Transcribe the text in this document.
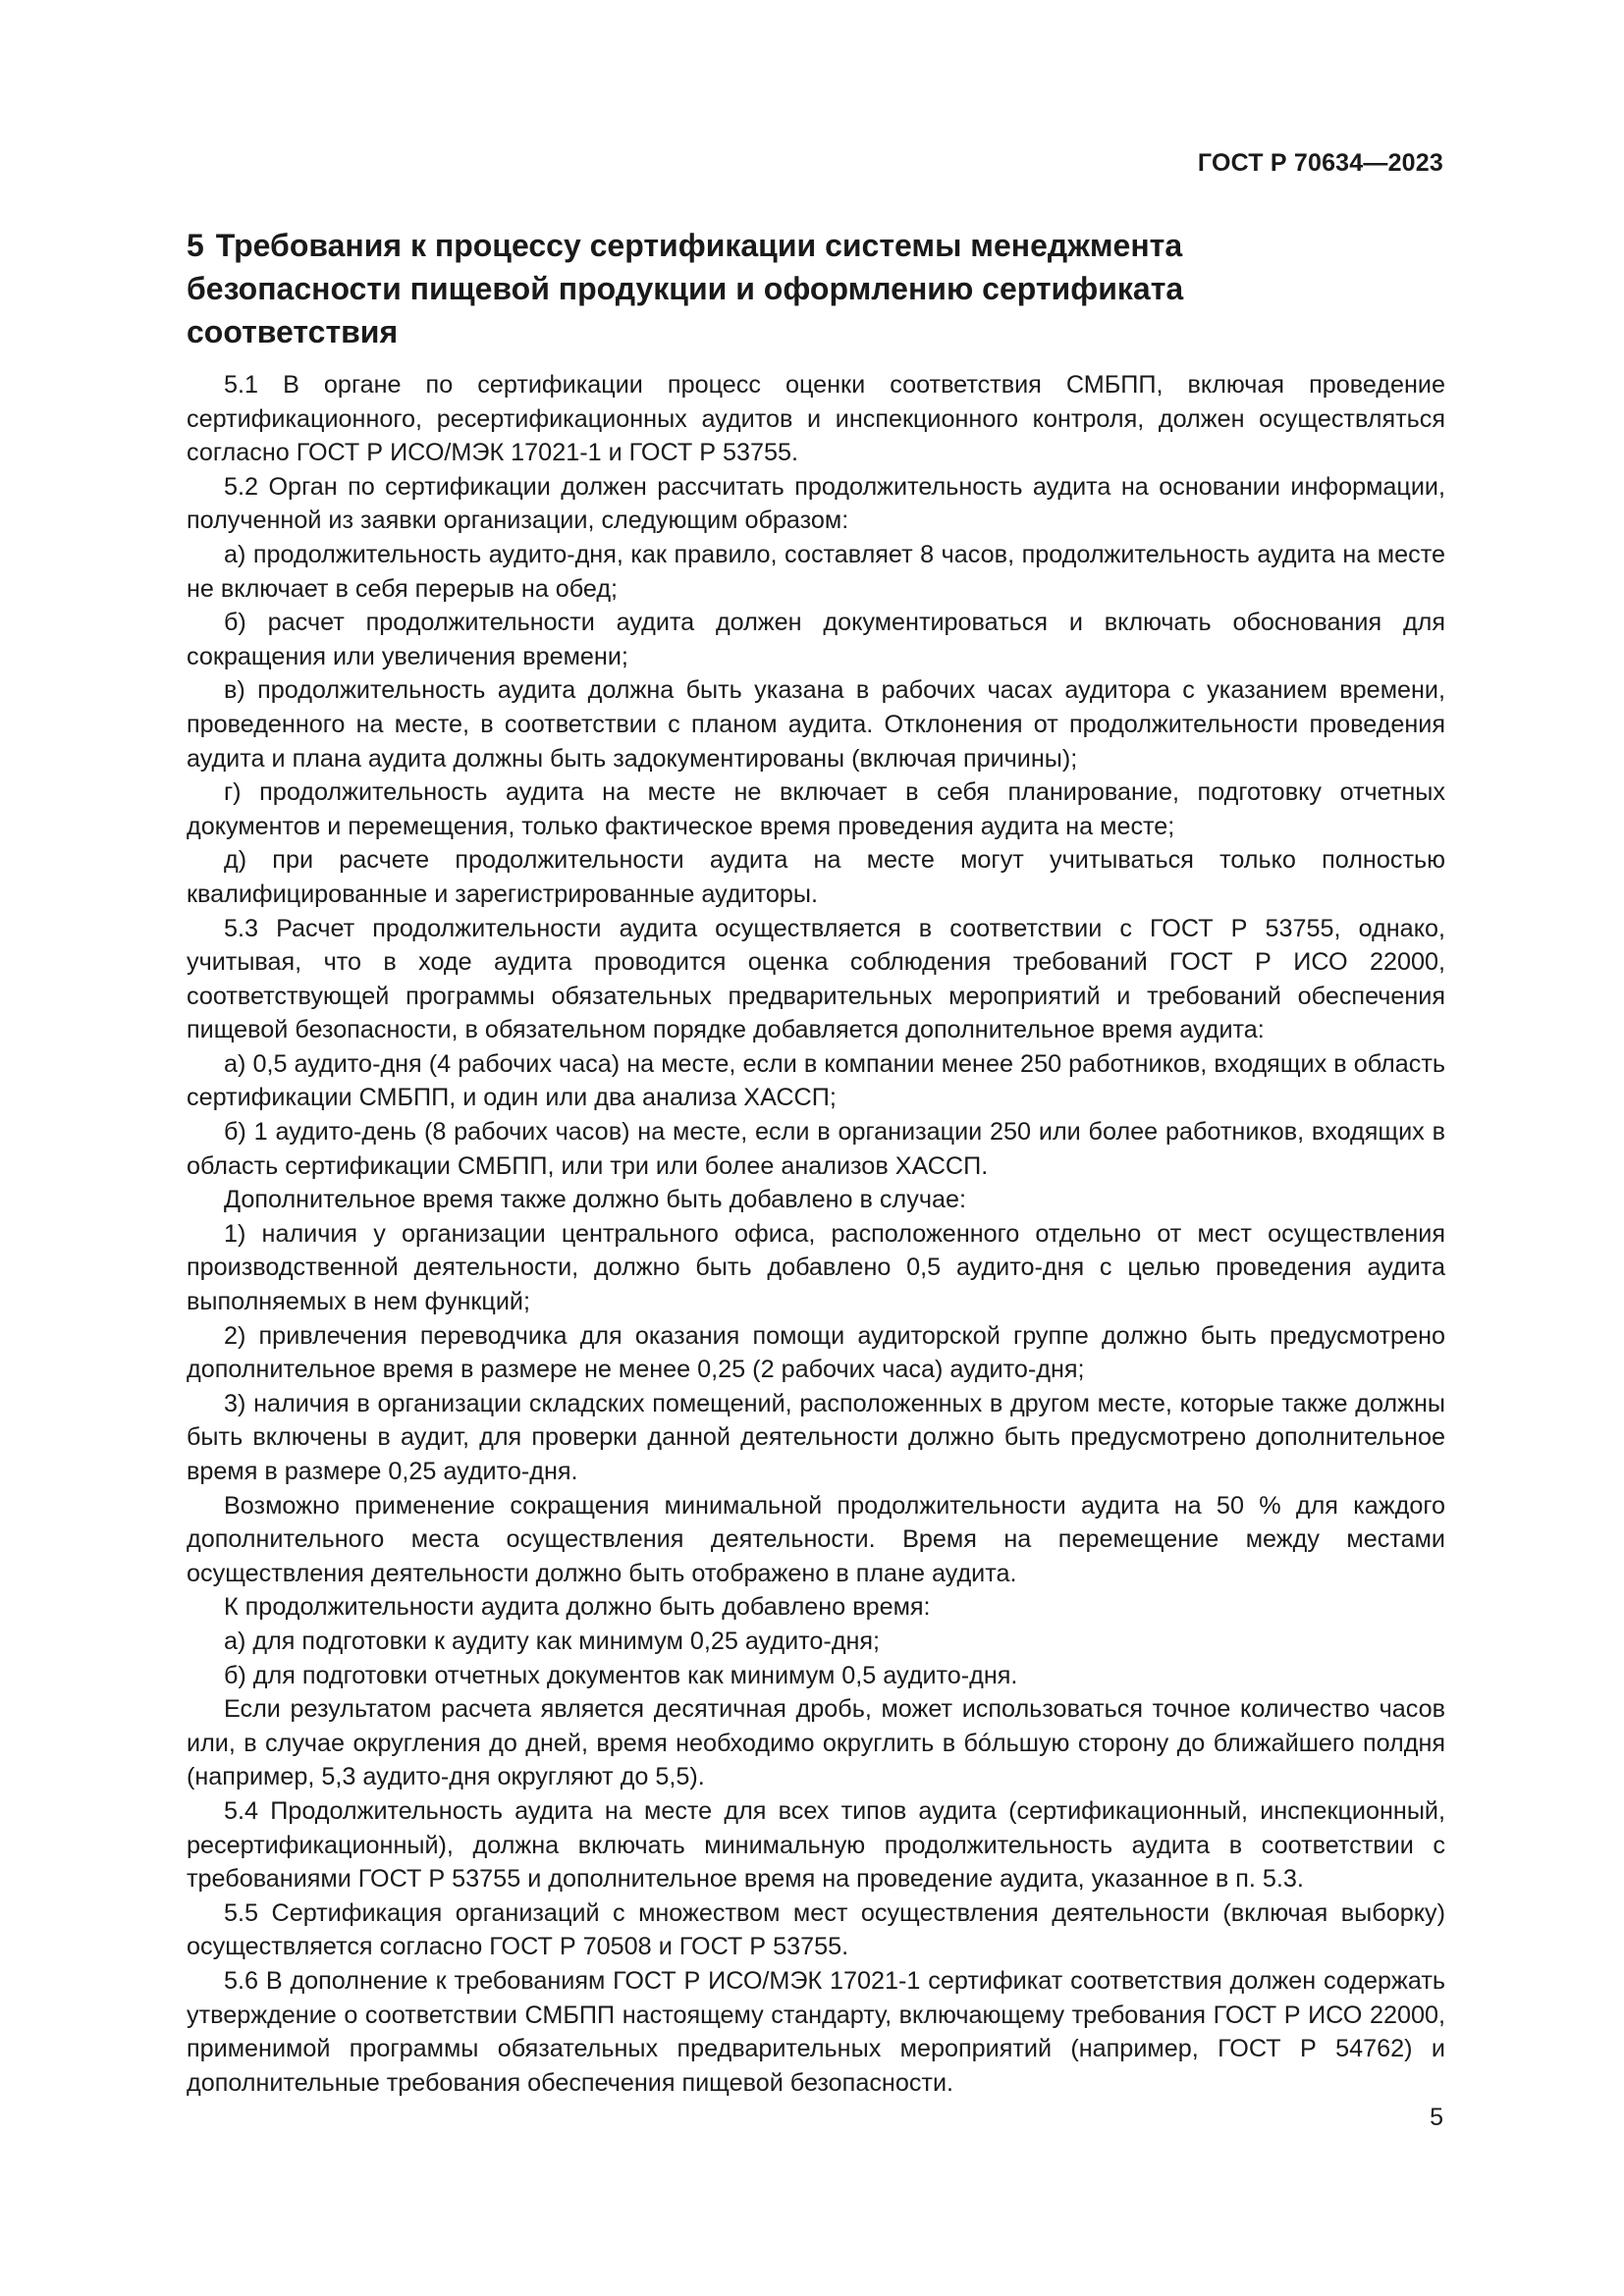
ГОСТ Р 70634—2023
5 Требования к процессу сертификации системы менеджмента безопасности пищевой продукции и оформлению сертификата соответствия

5.1 В органе по сертификации процесс оценки соответствия СМБПП, включая проведение сертификационного, ресертификационных аудитов и инспекционного контроля, должен осуществляться согласно ГОСТ Р ИСО/МЭК 17021-1 и ГОСТ Р 53755.

5.2 Орган по сертификации должен рассчитать продолжительность аудита на основании информации, полученной из заявки организации, следующим образом:

а) продолжительность аудито-дня, как правило, составляет 8 часов, продолжительность аудита на месте не включает в себя перерыв на обед;

б) расчет продолжительности аудита должен документироваться и включать обоснования для сокращения или увеличения времени;

в) продолжительность аудита должна быть указана в рабочих часах аудитора с указанием времени, проведенного на месте, в соответствии с планом аудита. Отклонения от продолжительности проведения аудита и плана аудита должны быть задокументированы (включая причины);

г) продолжительность аудита на месте не включает в себя планирование, подготовку отчетных документов и перемещения, только фактическое время проведения аудита на месте;

д) при расчете продолжительности аудита на месте могут учитываться только полностью квалифицированные и зарегистрированные аудиторы.

5.3 Расчет продолжительности аудита осуществляется в соответствии с ГОСТ Р 53755, однако, учитывая, что в ходе аудита проводится оценка соблюдения требований ГОСТ Р ИСО 22000, соответствующей программы обязательных предварительных мероприятий и требований обеспечения пищевой безопасности, в обязательном порядке добавляется дополнительное время аудита:

а) 0,5 аудито-дня (4 рабочих часа) на месте, если в компании менее 250 работников, входящих в область сертификации СМБПП, и один или два анализа ХАССП;

б) 1 аудито-день (8 рабочих часов) на месте, если в организации 250 или более работников, входящих в область сертификации СМБПП, или три или более анализов ХАССП.

Дополнительное время также должно быть добавлено в случае:

1) наличия у организации центрального офиса, расположенного отдельно от мест осуществления производственной деятельности, должно быть добавлено 0,5 аудито-дня с целью проведения аудита выполняемых в нем функций;

2) привлечения переводчика для оказания помощи аудиторской группе должно быть предусмотрено дополнительное время в размере не менее 0,25 (2 рабочих часа) аудито-дня;

3) наличия в организации складских помещений, расположенных в другом месте, которые также должны быть включены в аудит, для проверки данной деятельности должно быть предусмотрено дополнительное время в размере 0,25 аудито-дня.

Возможно применение сокращения минимальной продолжительности аудита на 50 % для каждого дополнительного места осуществления деятельности. Время на перемещение между местами осуществления деятельности должно быть отображено в плане аудита.

К продолжительности аудита должно быть добавлено время:

а) для подготовки к аудиту как минимум 0,25 аудито-дня;

б) для подготовки отчетных документов как минимум 0,5 аудито-дня.

Если результатом расчета является десятичная дробь, может использоваться точное количество часов или, в случае округления до дней, время необходимо округлить в бóльшую сторону до ближайшего полдня (например, 5,3 аудито-дня округляют до 5,5).

5.4 Продолжительность аудита на месте для всех типов аудита (сертификационный, инспекционный, ресертификационный), должна включать минимальную продолжительность аудита в соответствии с требованиями ГОСТ Р 53755 и дополнительное время на проведение аудита, указанное в п. 5.3.

5.5 Сертификация организаций с множеством мест осуществления деятельности (включая выборку) осуществляется согласно ГОСТ Р 70508 и ГОСТ Р 53755.

5.6 В дополнение к требованиям ГОСТ Р ИСО/МЭК 17021-1 сертификат соответствия должен содержать утверждение о соответствии СМБПП настоящему стандарту, включающему требования ГОСТ Р ИСО 22000, применимой программы обязательных предварительных мероприятий (например, ГОСТ Р 54762) и дополнительные требования обеспечения пищевой безопасности.

5
